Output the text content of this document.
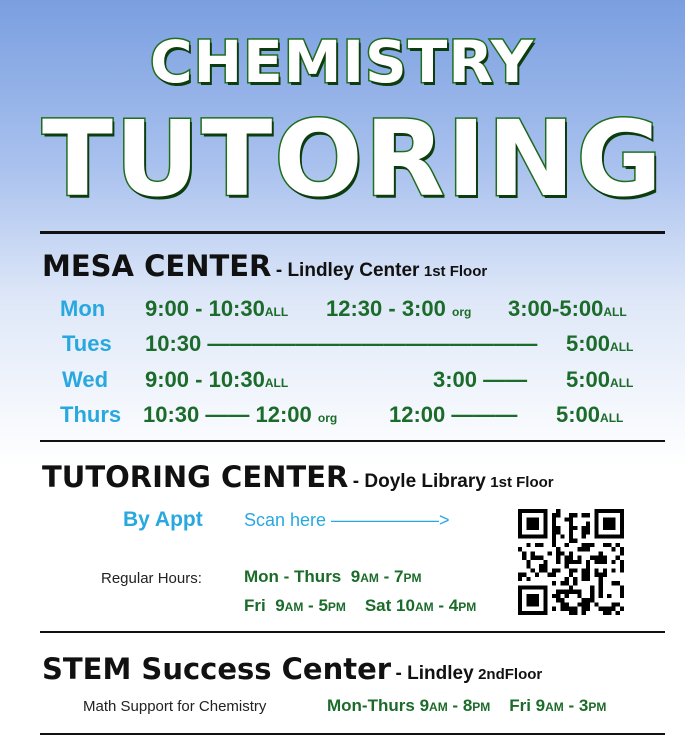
CHEMISTRY
TUTORING
MESA CENTER - Lindley Center 1st Floor
Mon 9:00 - 10:30ALL 12:30 - 3:00 org 3:00-5:00ALL
Tues 10:30 ——————————————— 5:00ALL
Wed 9:00 - 10:30ALL	3:00 —— 5:00ALL
Thurs 10:30 —— 12:00 org 12:00 ——— 5:00ALL
TUTORING CENTER - Doyle Library 1st Floor
By Appt Scan here ——————>
Regular Hours: Mon - Thurs 9AM - 7PM
Fri 9AM - 5PM Sat 10AM - 4PM
STEM Success Center - Lindley 2ndFloor
Math Support for Chemistry	Mon-Thurs 9AM - 8PM Fri 9AM - 3PM
